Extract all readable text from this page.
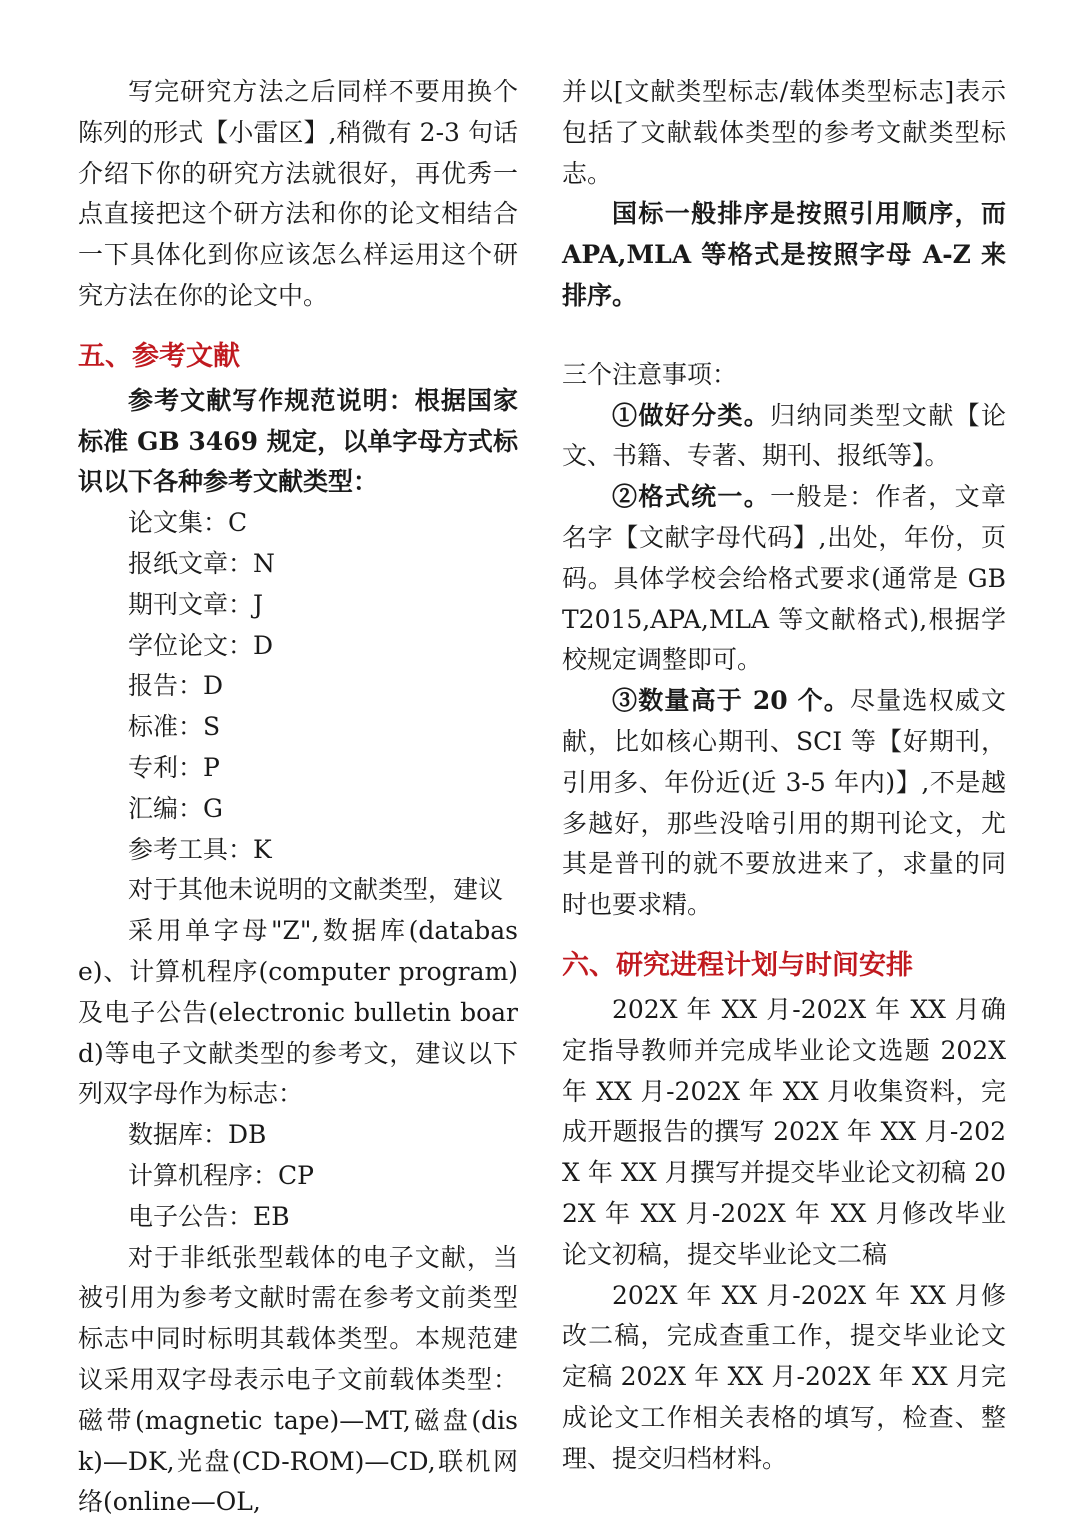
写完研究方法之后同样不要用换个陈列的形式【小雷区】,稍微有 2-3 句话介绍下你的研究方法就很好，再优秀一点直接把这个研方法和你的论文相结合一下具体化到你应该怎么样运用这个研究方法在你的论文中。

五、参考文献

参考文献写作规范说明：根据国家标准 GB 3469 规定，以单字母方式标识以下各种参考文献类型：

论文集：C

报纸文章：N

期刊文章：J

学位论文：D

报告：D

标准：S

专利：P

汇编：G

参考工具：K

对于其他未说明的文献类型，建议

采用单字母"Z",数据库(database)、计算机程序(computer program)及电子公告(electronic bulletin board)等电子文献类型的参考文，建议以下列双字母作为标志：

数据库：DB

计算机程序：CP

电子公告：EB

对于非纸张型载体的电子文献，当被引用为参考文献时需在参考文前类型标志中同时标明其载体类型。本规范建议采用双字母表示电子文前载体类型：磁带(magnetic tape)—MT,磁盘(disk)—DK,光盘(CD-ROM)—CD,联机网络(online—OL,

并以[文献类型标志/载体类型标志]表示包括了文献载体类型的参考文献类型标志。

国标一般排序是按照引用顺序，而 APA,MLA 等格式是按照字母 A-Z 来排序。

三个注意事项：

①做好分类。归纳同类型文献【论文、书籍、专著、期刊、报纸等】。

②格式统一。一般是：作者，文章名字【文献字母代码】,出处，年份，页码。具体学校会给格式要求(通常是 GBT2015,APA,MLA 等文献格式),根据学校规定调整即可。

③数量高于 20 个。尽量选权威文献，比如核心期刊、SCI 等【好期刊，引用多、年份近(近 3-5 年内)】,不是越多越好，那些没啥引用的期刊论文，尤其是普刊的就不要放进来了，求量的同时也要求精。

六、研究进程计划与时间安排

202X 年 XX 月-202X 年 XX 月确定指导教师并完成毕业论文选题 202X 年 XX 月-202X 年 XX 月收集资料，完成开题报告的撰写 202X 年 XX 月-202X 年 XX 月撰写并提交毕业论文初稿 202X 年 XX 月-202X 年 XX 月修改毕业论文初稿，提交毕业论文二稿

202X 年 XX 月-202X 年 XX 月修改二稿，完成查重工作，提交毕业论文定稿 202X 年 XX 月-202X 年 XX 月完成论文工作相关表格的填写，检查、整理、提交归档材料。
